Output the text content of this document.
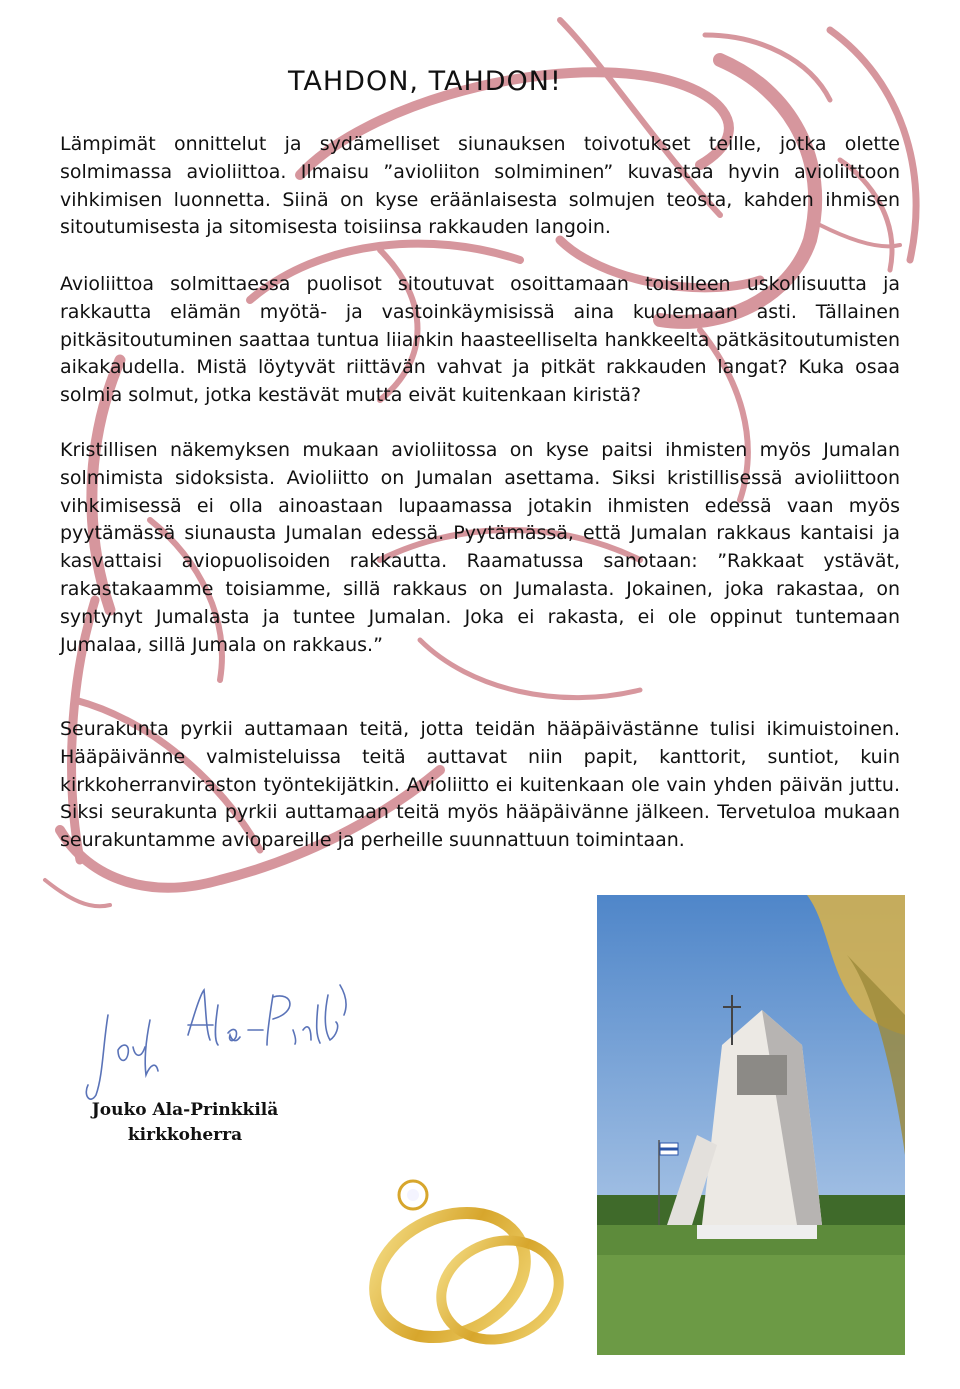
TAHDON, TAHDON!

Lämpimät onnittelut ja sydämelliset siunauksen toivotukset teille, jotka olette solmimassa avioliittoa. Ilmaisu ”avioliiton solmiminen” kuvastaa hyvin avioliittoon vihkimisen luonnetta. Siinä on kyse eräänlaisesta solmujen teosta, kahden ihmisen sitoutumisesta ja sitomisesta toisiinsa rakkauden langoin.

Avioliittoa solmittaessa puolisot sitoutuvat osoittamaan toisilleen uskollisuutta ja rakkautta elämän myötä- ja vastoinkäymisissä aina kuolemaan asti. Tällainen pitkäsitoutuminen saattaa tuntua liiankin haasteelliselta hankkeelta pätkäsitoutumisten aikakaudella. Mistä löytyvät riittävän vahvat ja pitkät rakkauden langat? Kuka osaa solmia solmut, jotka kestävät mutta eivät kuitenkaan kiristä?

Kristillisen näkemyksen mukaan avioliitossa on kyse paitsi ihmisten myös Jumalan solmimista sidoksista. Avioliitto on Jumalan asettama. Siksi kristillisessä avioliittoon vihkimisessä ei olla ainoastaan lupaamassa jotakin ihmisten edessä vaan myös pyytämässä siunausta Jumalan edessä. Pyytämässä, että Jumalan rakkaus kantaisi ja kasvattaisi aviopuolisoiden rakkautta. Raamatussa sanotaan: ”Rakkaat ystävät, rakastakaamme toisiamme, sillä rakkaus on Jumalasta. Jokainen, joka rakastaa, on syntynyt Jumalasta ja tuntee Jumalan. Joka ei rakasta, ei ole oppinut tuntemaan Jumalaa, sillä Jumala on rakkaus.”

Seurakunta pyrkii auttamaan teitä, jotta teidän hääpäivästänne tulisi ikimuistoinen. Hääpäivänne valmisteluissa teitä auttavat niin papit, kanttorit, suntiot, kuin kirkkoherranviraston työntekijätkin. Avioliitto ei kuitenkaan ole vain yhden päivän juttu. Siksi seurakunta pyrkii auttamaan teitä myös hääpäivänne jälkeen. Tervetuloa mukaan seurakuntamme aviopareille ja perheille suunnattuun toimintaan.

Jouko Ala-Prinkkilä
kirkkoherra
